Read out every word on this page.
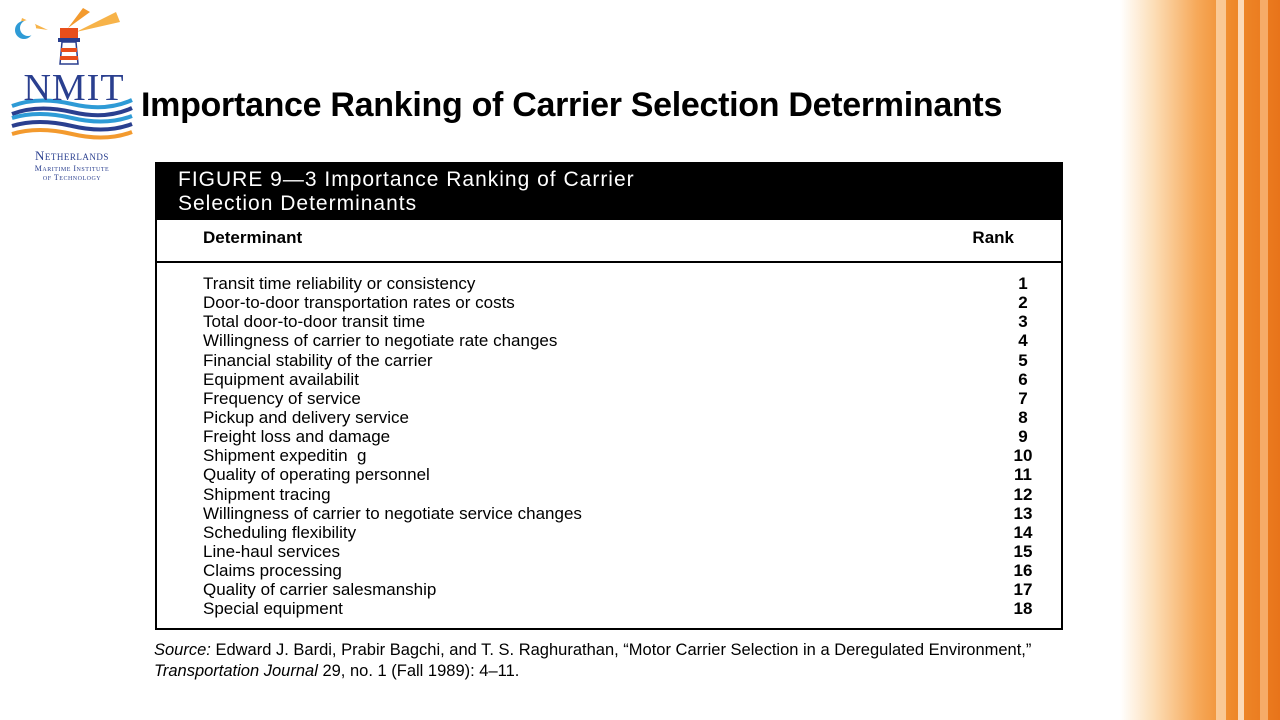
NMIT
Netherlands
Maritime Institute
of Technology
Importance Ranking of Carrier Selection Determinants
FIGURE 9—3 Importance Ranking of Carrier
Selection Determinants
Determinant	Rank
Transit time reliability or consistency	1
Door-to-door transportation rates or costs	2
Total door-to-door transit time	3
Willingness of carrier to negotiate rate changes	4
Financial stability of the carrier	5
Equipment availabilit	6
Frequency of service	7
Pickup and delivery service	8
Freight loss and damage	9
Shipment expeditin  g	10
Quality of operating personnel	11
Shipment tracing	12
Willingness of carrier to negotiate service changes	13
Scheduling flexibility	14
Line-haul services	15
Claims processing	16
Quality of carrier salesmanship	17
Special equipment	18
Source: Edward J. Bardi, Prabir Bagchi, and T. S. Raghurathan, “Motor Carrier Selection in a Deregulated Environment,” Transportation Journal 29, no. 1 (Fall 1989): 4–11.
